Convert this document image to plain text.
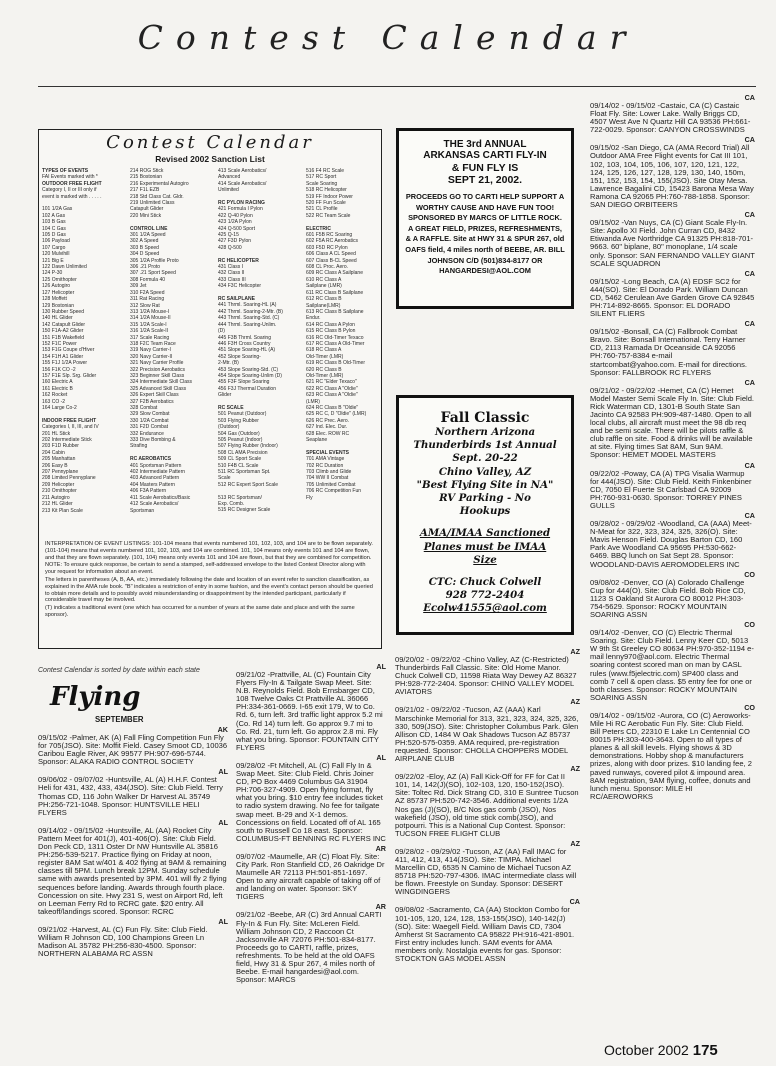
Contest Calendar
Contest Calendar
Revised 2002 Sanction List
TYPES OF EVENTS
FAI Events marked with *
OUTDOOR FREE FLIGHT
Category I, II or III only if
event is marked with . . . . .
101 1/2A Gas
102 A Gas
103 B Gas
104 C Gas
105 D Gas
106 Payload
107 Cargo
120 Mulvihill
121 Big E
122 Dawn Unlimited
124 P-30
125 Ornithopter
126 Autogiro
127 Helicopter
128 Moffett
129 Bostonian
130 Rubber Speed
140 HL Glider
142 Catapult Glider
150 F1A-A2 Glider
151 F1B Wakefield
152 F1C Power
153 F1G Coupe d'Hiver
154 F1H A1 Glider
155 F1J 1/2A Power
156 F1K CO -2
157 F1E Slp. Srg. Glider
160 Electric A
161 Electric B
162 Rocket
163 CO -2
164 Large Co-2
INDOOR FREE FLIGHT
Categories I, II, III, and IV
201 HL Stick
202 Intermediate Stick
203 F1D Rubber
204 Cabin
205 Manhattan
206 Easy B
207 Pennyplane
208 Limited Pennyplane
209 Helicopter
210 Ornithopter
211 Autogiro
212 HL Glider
213 Kit Plan Scale
214 ROG Stick
215 Bostonian
216 Experimental Autogiro
217 F1L EZB
218 Std Class Cat. Gldr.
219 Unlimited Class
Catapult Glider
220 Mini Stick
CONTROL LINE
301 1/2A Speed
302 A Speed
303 B Speed
304 D Speed
305 1/2A Profile Proto
306 .21 Proto
307 .21 Sport Speed
308 Formula 40
309 Jet
310 F2A Speed
311 Rat Racing
312 Slow Rat
313 1/2A Mouse-I
314 1/2A Mouse-II
315 1/2A Scale-I
316 1/2A Scale-II
317 Scale Racing
318 F2C Team Race
319 Navy Carrier-I
320 Navy Carrier-II
321 Navy Carrier Profile
322 Precision Aerobatics
323 Beginner Skill Class
324 Intermediate Skill Class
325 Advanced Skill Class
326 Expert Skill Class
327 F2B Aerobatics
328 Combat
329 Slow Combat
330 1/2A Combat
331 F2D Combat
332 Endurance
333 Dive Bombing &
Strafing
RC AEROBATICS
401 Sportsman Pattern
402 Intermediate Pattern
403 Advanced Pattern
404 Masters Pattern
406 F3A Pattern
411 Scale Aerobatics/Basic
412 Scale Aerobatics/
Sportsman
413 Scale Aerobatics/
Advanced
414 Scale Aerobatics/
Unlimited
RC PYLON RACING
421 Formula I Pylon
422 Q-40 Pylon
423 1/2A Pylon
424 Q-500 Sport
425 Q-15
427 F3D Pylon
428 Q-500
RC HELICOPTER
431 Class I
432 Class II
433 Class III
434 F3C Helicopter
RC SAILPLANE
441 Thrml. Soaring-HL (A)
442 Thrml. Soaring-2-Mtr. (B)
443 Thrml. Soaring-Std. (C)
444 Thrml. Soaring-Unlim.
(D)
445 F3B Thrml. Soaring
446 F3H Cross Country
451 Slope Soaring-HL (A)
452 Slope Soaring-
2-Mtr. (B)
453 Slope Soaring-Std. (C)
454 Slope Soaring-Unlim (D)
455 F3F Slope Soaring
456 F3J Thermal Duration
Glider
RC SCALE
501 Peanut (Outdoor)
503 Flying Rubber
(Outdoor)
504 Gas (Outdoor)
505 Peanut (Indoor)
507 Flying Rubber (Indoor)
508 CL AMA Precision
509 CL Sport Scale
510 F4B CL Scale
511 RC Sportsman Spt.
Scale
512 RC Expert Sport Scale
513 RC Sportsman/
Exp. Comb.
515 RC Designer Scale
516 F4 RC Scale
517 RC Sport
Scale Soaring
518 RC Helicopter
519 FF Indoor Power
520 FF Fun Scale
521 CL Profile
522 RC Team Scale
ELECTRIC
601 F5B RC Soaring
602 F5A RC Aerobatics
603 F5D RC Pylon
606 Class A CL Speed
607 Class B-CL Speed
608 CL Proc. Aero.
609 RC Class A Sailplane
610 RC Class A
Sailplane (LMR)
611 RC Class B Sailplane
612 RC Class B
Sailplane(LMR)
613 RC Class B Sailplane
Endur.
614 RC Class A Pylon
615 RC Class B Pylon
616 RC Old-Timer Texaco
617 RC Class A Old-Timer
618 RC Class A
Old-Timer (LMR)
619 RC Class B Old-Timer
620 RC Class B
Old-Timer (LMR)
621 RC "Elder Texaco"
622 RC Class A "Oldie"
623 RC Class A "Oldie"
(LMR)
624 RC Class B "Oldie"
625 RC C, D "Oldie" (LMR)
626 RC Prec. Aero.
627 Ind. Elec. Dur.
628 Elec. ROW RC
Seaplane
SPECIAL EVENTS
701 AMA Vintage
702 RC Duration
703 Climb and Glide
704 WW II Combat
705 Unlimited Combat
706 RC Competition Fun
Fly

INTERPRETATION OF EVENT LISTINGS: 101-104 means that events numbered 101, 102, 103, and 104 are to be flown separately. (101-104) means that events numbered 101, 102, 103, and 104 are combined. 101, 104 means only events 101 and 104 are flown, and that they are flown separately. (101, 104) means only events 101 and 104 are flown, but that they are combined for competition.

NOTE: To ensure quick response, be certain to send a stamped, self-addressed envelope to the listed Contest Director along with your request for information about an event.

The letters in parentheses (A, B, AA, etc.) immediately following the date and location of an event refer to sanction classification, as explained in the AMA rule book. "B" indicates a restriction of entry in some fashion, and the event's contact person should be queried to obtain more details and to possibly avoid misunderstanding or disappointment by the intended participant, particularly if considerable travel may be involved.

(T) indicates a traditional event (one which has occurred for a number of years at the same date and place and with the same sponsor).

Contest Calendar is sorted by date within each state
Flying
SEPTEMBER
AK
09/15/02 -Palmer, AK (A) Fall Fling Competition Fun Fly for 705(JSO). Site: Moffit Field. Casey Smoot CD, 10036 Caribou Eagle River, AK 99577 PH:907-696-5744. Sponsor: ALAKA RADIO CONTROL SOCIETY
AL
09/06/02 - 09/07/02 -Huntsville, AL (A) H.H.F. Contest Heli for 431, 432, 433, 434(JSO). Site: Club Field. Terry Thomas CD, 116 John Walker Dr Harvest AL 35749 PH:256-721-1048. Sponsor: HUNTSVILLE HELI FLYERS
AL
09/14/02 - 09/15/02 -Huntsville, AL (AA) Rocket City Pattern Meet for 401(J), 401-406(O). Site: Club Field. Don Peck CD, 1311 Oster Dr NW Huntsville AL 35816 PH:256-539-5217. Practice flying on Friday at noon, register 8AM Sat w/401 & 402 flying at 9AM & remaining classes till 5PM. Lunch break 12PM. Sunday schedule same with awards presented by 3PM. 401 will fly 2 flying sequences before landing. Awards through fourth place. Concession on site. Hwy 231 S, west on Airport Rd, left on Leeman Ferry Rd to RCRC gate. $20 entry. All takeoff/landings scored. Sponsor: RCRC
AL
09/21/02 -Harvest, AL (C) Fun Fly. Site: Club Field. William R Johnson CD, 100 Champions Green Ln Madison AL 35782 PH:256-830-4500. Sponsor: NORTHERN ALABAMA RC ASSN
AL
09/21/02 -Prattville, AL (C) Fountain City Flyers Fly-In & Tailgate Swap Meet. Site: N.B. Reynolds Field. Bob Ernsbarger CD, 108 Twelve Oaks Ct Prattville AL 36066 PH:334-361-0669. I-65 exit 179, W to Co. Rd. 6, turn left. 3rd traffic light approx 5.2 mi (Co. Rd 14) turn left. Go approx 9.7 mi to Co. Rd. 21, turn left. Go approx 2.8 mi. Fly what you bring. Sponsor: FOUNTAIN CITY FLYERS
AL
09/28/02 -Ft Mitchell, AL (C) Fall Fly In & Swap Meet. Site: Club Field. Chris Joiner CD, PO Box 4469 Columbus GA 31904 PH:706-327-4909. Open flying format, fly what you bring. $10 entry fee includes ticket to radio system drawing. No fee for tailgate swap meet. B-29 and X-1 demos. Concessions on field. Located off of AL 165 south to Russell Co 18 east. Sponsor: COLUMBUS-FT BENNING RC FLYERS INC
AR
09/07/02 -Maumelle, AR (C) Float Fly. Site: City Park. Ron Stanfield CD, 26 Oakridge Dr Maumelle AR 72113 PH:501-851-1697. Open to any aircraft capable of taking off of and landing on water. Sponsor: SKY TIGERS
AR
09/21/02 -Beebe, AR (C) 3rd Annual CARTI Fly-In & Fun Fly. Site: McLeren Field. William Johnson CD, 2 Raccoon Ct Jacksonville AR 72076 PH:501-834-8177. Proceeds go to CARTI, raffle, prizes, refreshments. To be held at the old OAFS field, Hwy 31 & Spur 267, 4 miles north of Beebe. E-mail hangardesi@aol.com. Sponsor: MARCS
AZ
09/20/02 - 09/22/02 -Chino Valley, AZ (C-Restricted) Thunderbirds Fall Classic. Site: Old Home Manor. Chuck Colwell CD, 11598 Riata Way Dewey AZ 86327 PH:928-772-2404. Sponsor: CHINO VALLEY MODEL AVIATORS
AZ
09/21/02 - 09/22/02 -Tucson, AZ (AAA) Karl Marschinke Memorial for 313, 321, 323, 324, 325, 326, 330, 509(JSO). Site: Christopher Columbus Park. Glen Allison CD, 1484 W Oak Shadows Tucson AZ 85737 PH:520-575-0359. AMA required, pre-registration requested. Sponsor: CHOLLA CHOPPERS MODEL AIRPLANE CLUB
AZ
09/22/02 -Eloy, AZ (A) Fall Kick-Off for FF for Cat II 101, 14, 142(J)(SO), 102-103, 120, 150-152(JSO). Site: Toltec Rd. Dick Strang CD, 310 E Suntree Tucson AZ 85737 PH:520-742-3546. Additional events 1/2A Nos gas (J)(SO), B/C Nos gas comb (JSO), Nos wakefield (JSO), old time stick comb(JSO), and potpourri. This is a National Cup Contest. Sponsor: TUCSON FREE FLIGHT CLUB
AZ
09/28/02 - 09/29/02 -Tucson, AZ (AA) Fall IMAC for 411, 412, 413, 414(JSO). Site: TIMPA. Michael Marcellin CD, 6535 N Camino de Michael Tucson AZ 85718 PH:520-797-4306. IMAC intermediate class will be flown. Freestyle on Sunday. Sponsor: DESERT WINGDINGERS
CA
09/08/02 -Sacramento, CA (AA) Stockton Combo for 101-105, 120, 124, 128, 153-155(JSO), 140-142(J)(SO). Site: Waegell Field. William Davis CD, 7304 Amherst St Sacramento CA 95822 PH:916-421-8901. First entry includes lunch. SAM events for AMA members only. Nostalgia events for gas. Sponsor: STOCKTON GAS MODEL ASSN
CA
09/14/02 - 09/15/02 -Castaic, CA (C) Castaic Float Fly. Site: Lower Lake. Wally Briggs CD, 4507 West Ave N Quartz Hill CA 93536 PH:661-722-0029. Sponsor: CANYON CROSSWINDS
CA
09/15/02 -San Diego, CA (AMA Record Trial) All Outdoor AMA Free Flight events for Cat III 101, 102, 103, 104, 105, 106, 107, 120, 121, 122, 124, 125, 126, 127, 128, 129, 130, 140, 150m, 151, 152, 153, 154, 155(JSO). Site Otay Mesa. Lawrence Bagalini CD, 15423 Barona Mesa Way Ramona CA 92065 PH:760-788-1858. Sponsor: SAN DIEGO ORBITEERS
CA
09/15/02 -Van Nuys, CA (C) Giant Scale Fly-In. Site: Apollo XI Field. John Curran CD, 8432 Etiwanda Ave Northridge CA 91325 PH:818-701-9663. 60" biplane, 80" monoplane, 1/4 scale only. Sponsor: SAN FERNANDO VALLEY GIANT SCALE SQUADRON
CA
09/15/02 -Long Beach, CA (A) EDSF SC2 for 444(SO). Site: El Dorado Park. William Duncan CD, 5462 Cerulean Ave Garden Grove CA 92845 PH:714-892-8665. Sponsor: EL DORADO SILENT FLIERS
CA
09/15/02 -Bonsall, CA (C) Fallbrook Combat Bravo. Site: Bonsall International. Terry Harner CD, 2113 Ramada Dr Oceanside CA 92056 PH:760-757-8384 e-mail startcombat@yahoo.com. E-mail for directions. Sponsor: FALLBROOK RC FLYERS
CA
09/21/02 - 09/22/02 -Hemet, CA (C) Hemet Model Master Semi Scale Fly In. Site: Club Field. Rick Waterman CD, 1301-B South State San Jacinto CA 92583 PH:909-487-1480. Open to all local clubs, all aircraft must meet the 98 db req and be semi scale. There will be pilots raffle & club raffle on site. Food & drinks will be available at site. Flying times Sat 8AM, Sun 9AM. Sponsor: HEMET MODEL MASTERS
CA
09/22/02 -Poway, CA (A) TPG Visalia Warmup for 444(JSO). Site: Club Field. Keith Finkenbiner CD, 7050 El Fuerte St Carlsbad CA 92009 PH:760-931-0630. Sponsor: TORREY PINES GULLS
CA
09/28/02 - 09/29/02 -Woodland, CA (AAA) Meet-N-Meat for 322, 323, 324, 325, 326(O). Site: Mavis Henson Field. Douglas Barton CD, 160 Park Ave Woodland CA 95695 PH:530-662-6469. BBQ lunch on Sat Sept 28. Sponsor: WOODLAND-DAVIS AEROMODELERS INC
CO
09/08/02 -Denver, CO (A) Colorado Challenge Cup for 444(O). Site: Club Field. Bob Rice CD, 1123 S Oakland St Aurora CO 80012 PH:303-754-5629. Sponsor: ROCKY MOUNTAIN SOARING ASSN
CO
09/14/02 -Denver, CO (C) Electric Thermal Soaring. Site: Club Field. Lenny Keer CD, 5013 W 9th St Greeley CO 80634 PH:970-352-1194 e-mail lenny970@aol.com. Electric Thermal soaring contest scored man on man by CASL rules (www.f5jelectric.com) SP400 class and comb 7 cell & open class. $5 entry fee for one or both classes. Sponsor: ROCKY MOUNTAIN SOARING ASSN
CO
09/14/02 - 09/15/02 -Aurora, CO (C) Aeroworks-Mile Hi RC Aerobatic Fun Fly. Site: Club Field. Bill Peters CD, 22310 E Lake Ln Centennial CO 80015 PH:303-400-3643. Open to all types of planes & all skill levels. Flying shows & 3D demonstrations. Hobby shop & manufacturers prizes, along with door prizes. $10 landing fee, 2 paved runways, covered pilot & impound area. 8AM registration, 9AM flying, coffee, donuts and lunch menu. Sponsor: MILE HI RC/AEROWORKS
THE 3rd ANNUAL
ARKANSAS CARTI FLY-IN
& FUN FLY IS
SEPT 21, 2002.
PROCEEDS GO TO CARTI HELP SUPPORT A WORTHY CAUSE AND HAVE FUN TOO! SPONSORED BY MARCS OF LITTLE ROCK. A GREAT FIELD, PRIZES, REFRESHMENTS, & A RAFFLE. Site at HWY 31 & SPUR 267, old OAFS field, 4 miles north of BEEBE, AR. BILL JOHNSON C/D (501)834-8177 OR HANGARDESI@AOL.COM
Fall Classic
Northern Arizona
Thunderbirds 1st Annual
Sept. 20-22
Chino Valley, AZ
"Best Flying Site in NA"
RV Parking - No
Hookups
AMA/IMAA Sanctioned
Planes must be IMAA
Size
CTC: Chuck Colwell
928 772-2404
Ecolw41555@aol.com
October 2002 175
